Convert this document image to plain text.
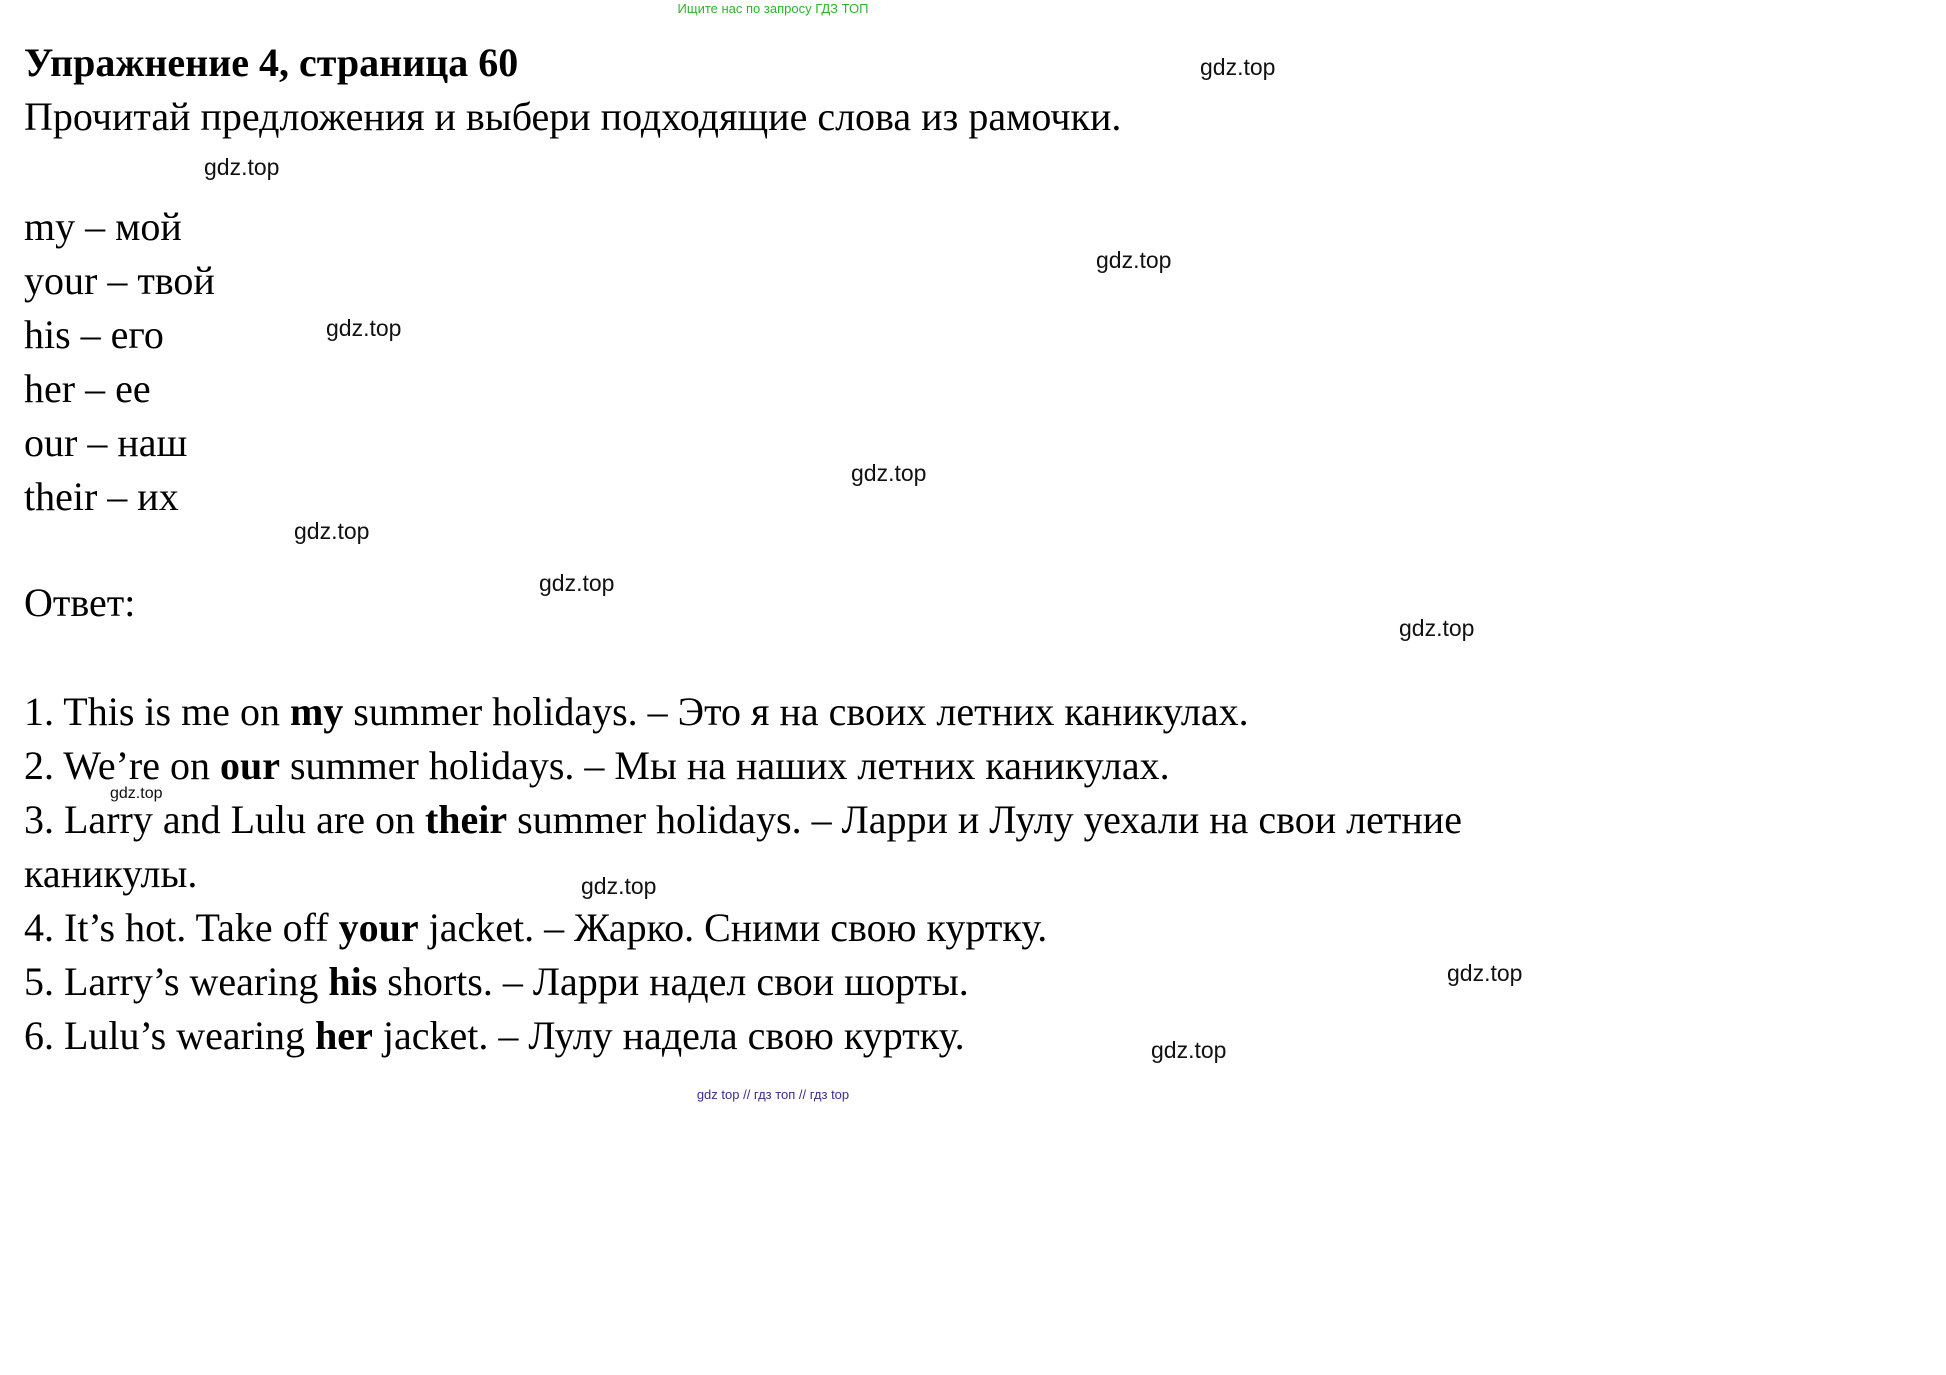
Ищите нас по запросу ГДЗ ТОП
Упражнение 4, страница 60

Прочитай предложения и выбери подходящие слова из рамочки.

my – мой
your – твой
his – его
her – ее
our – наш
their – их

Ответ:

1. This is me on my summer holidays. – Это я на своих летних каникулах.
2. We’re on our summer holidays. – Мы на наших летних каникулах.
3. Larry and Lulu are on their summer holidays. – Ларри и Лулу уехали на свои летние каникулы.
4. It’s hot. Take off your jacket. – Жарко. Сними свою куртку.
5. Larry’s wearing his shorts. – Ларри надел свои шорты.
6. Lulu’s wearing her jacket. – Лулу надела свою куртку.
gdz.top
gdz.top
gdz.top
gdz.top
gdz.top
gdz.top
gdz.top
gdz.top
gdz.top
gdz.top
gdz.top
gdz.top
gdz top // гдз топ // гдз top
